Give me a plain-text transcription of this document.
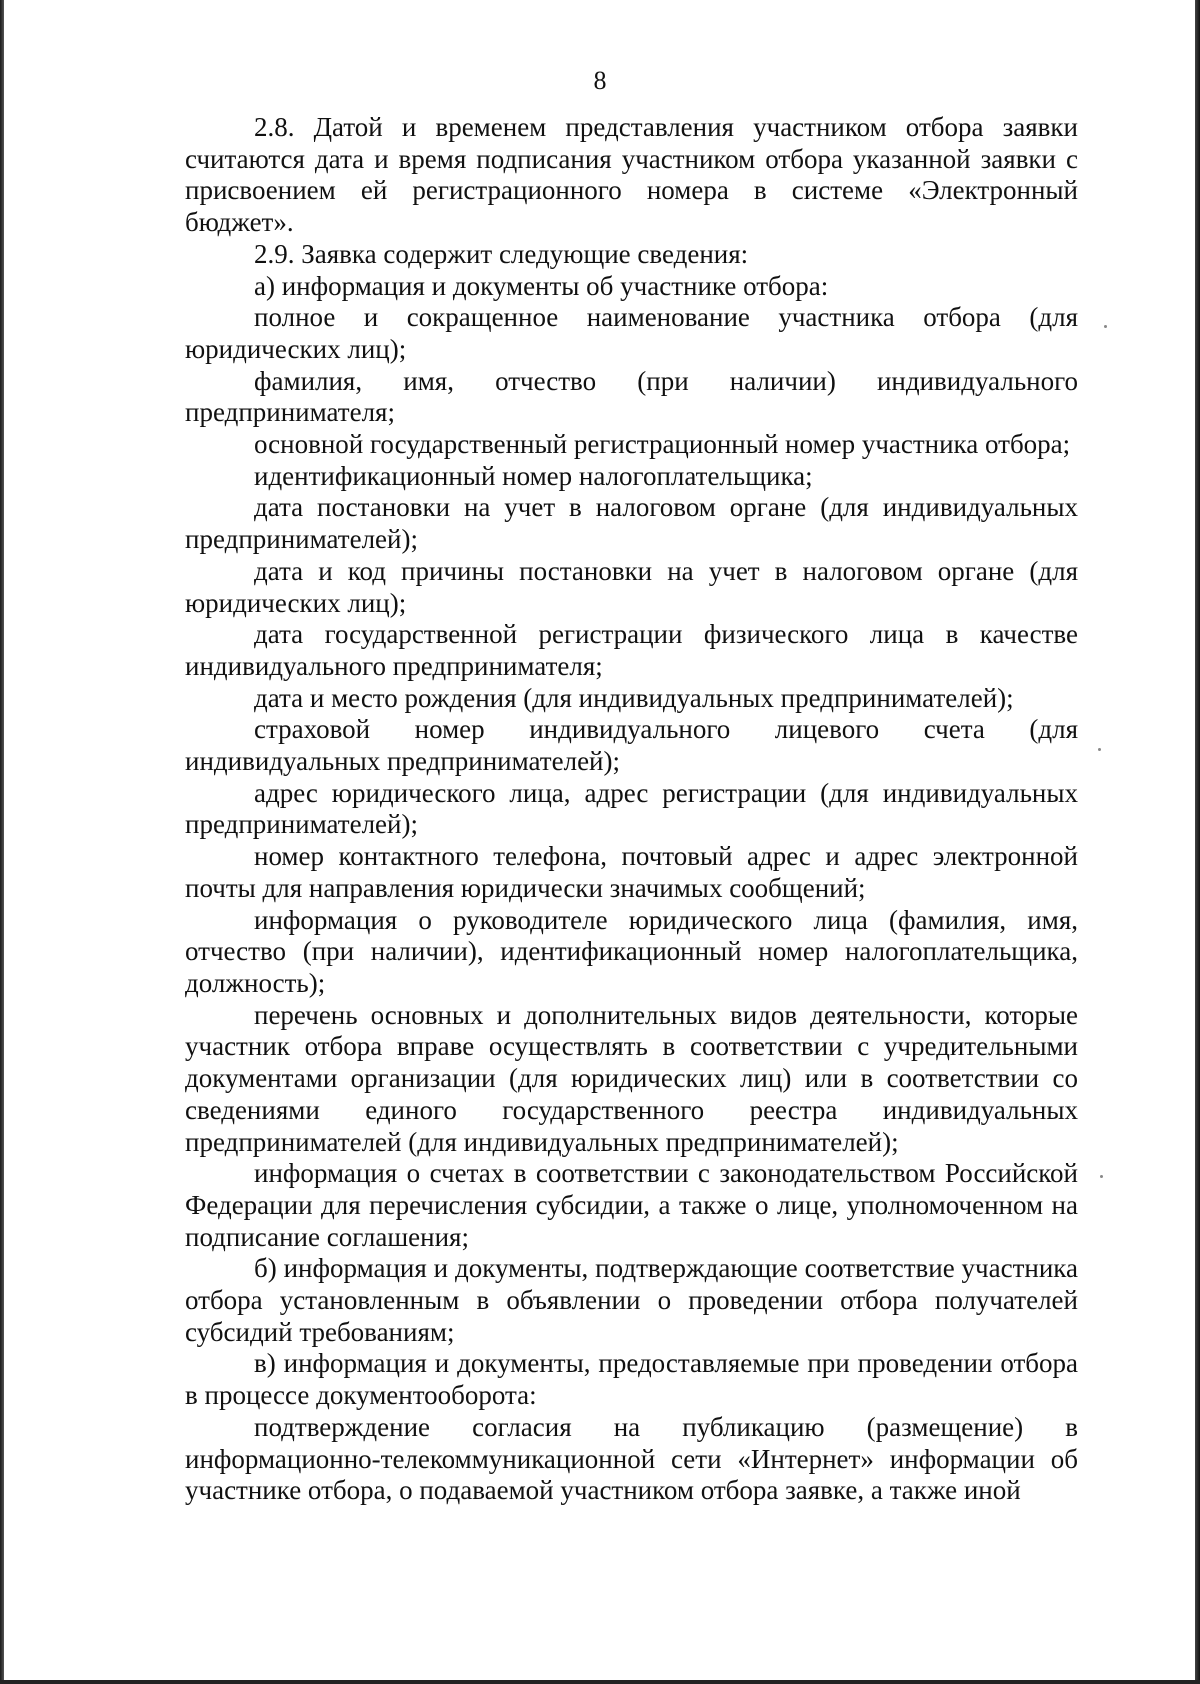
8

2.8. Датой и временем представления участником отбора заявки считаются дата и время подписания участником отбора указанной заявки с присвоением ей регистрационного номера в системе «Электронный бюджет».

2.9. Заявка содержит следующие сведения:

а) информация и документы об участнике отбора:

полное и сокращенное наименование участника отбора (для юридических лиц);

фамилия, имя, отчество (при наличии) индивидуального предпринимателя;

основной государственный регистрационный номер участника отбора;

идентификационный номер налогоплательщика;

дата постановки на учет в налоговом органе (для индивидуальных предпринимателей);

дата и код причины постановки на учет в налоговом органе (для юридических лиц);

дата государственной регистрации физического лица в качестве индивидуального предпринимателя;

дата и место рождения (для индивидуальных предпринимателей);

страховой номер индивидуального лицевого счета (для индивидуальных предпринимателей);

адрес юридического лица, адрес регистрации (для индивидуальных предпринимателей);

номер контактного телефона, почтовый адрес и адрес электронной почты для направления юридически значимых сообщений;

информация о руководителе юридического лица (фамилия, имя, отчество (при наличии), идентификационный номер налогоплательщика, должность);

перечень основных и дополнительных видов деятельности, которые участник отбора вправе осуществлять в соответствии с учредительными документами организации (для юридических лиц) или в соответствии со сведениями единого государственного реестра индивидуальных предпринимателей (для индивидуальных предпринимателей);

информация о счетах в соответствии с законодательством Российской Федерации для перечисления субсидии, а также о лице, уполномоченном на подписание соглашения;

б) информация и документы, подтверждающие соответствие участника отбора установленным в объявлении о проведении отбора получателей субсидий требованиям;

в) информация и документы, предоставляемые при проведении отбора в процессе документооборота:

подтверждение согласия на публикацию (размещение) в информационно-телекоммуникационной сети «Интернет» информации об участнике отбора, о подаваемой участником отбора заявке, а также иной
